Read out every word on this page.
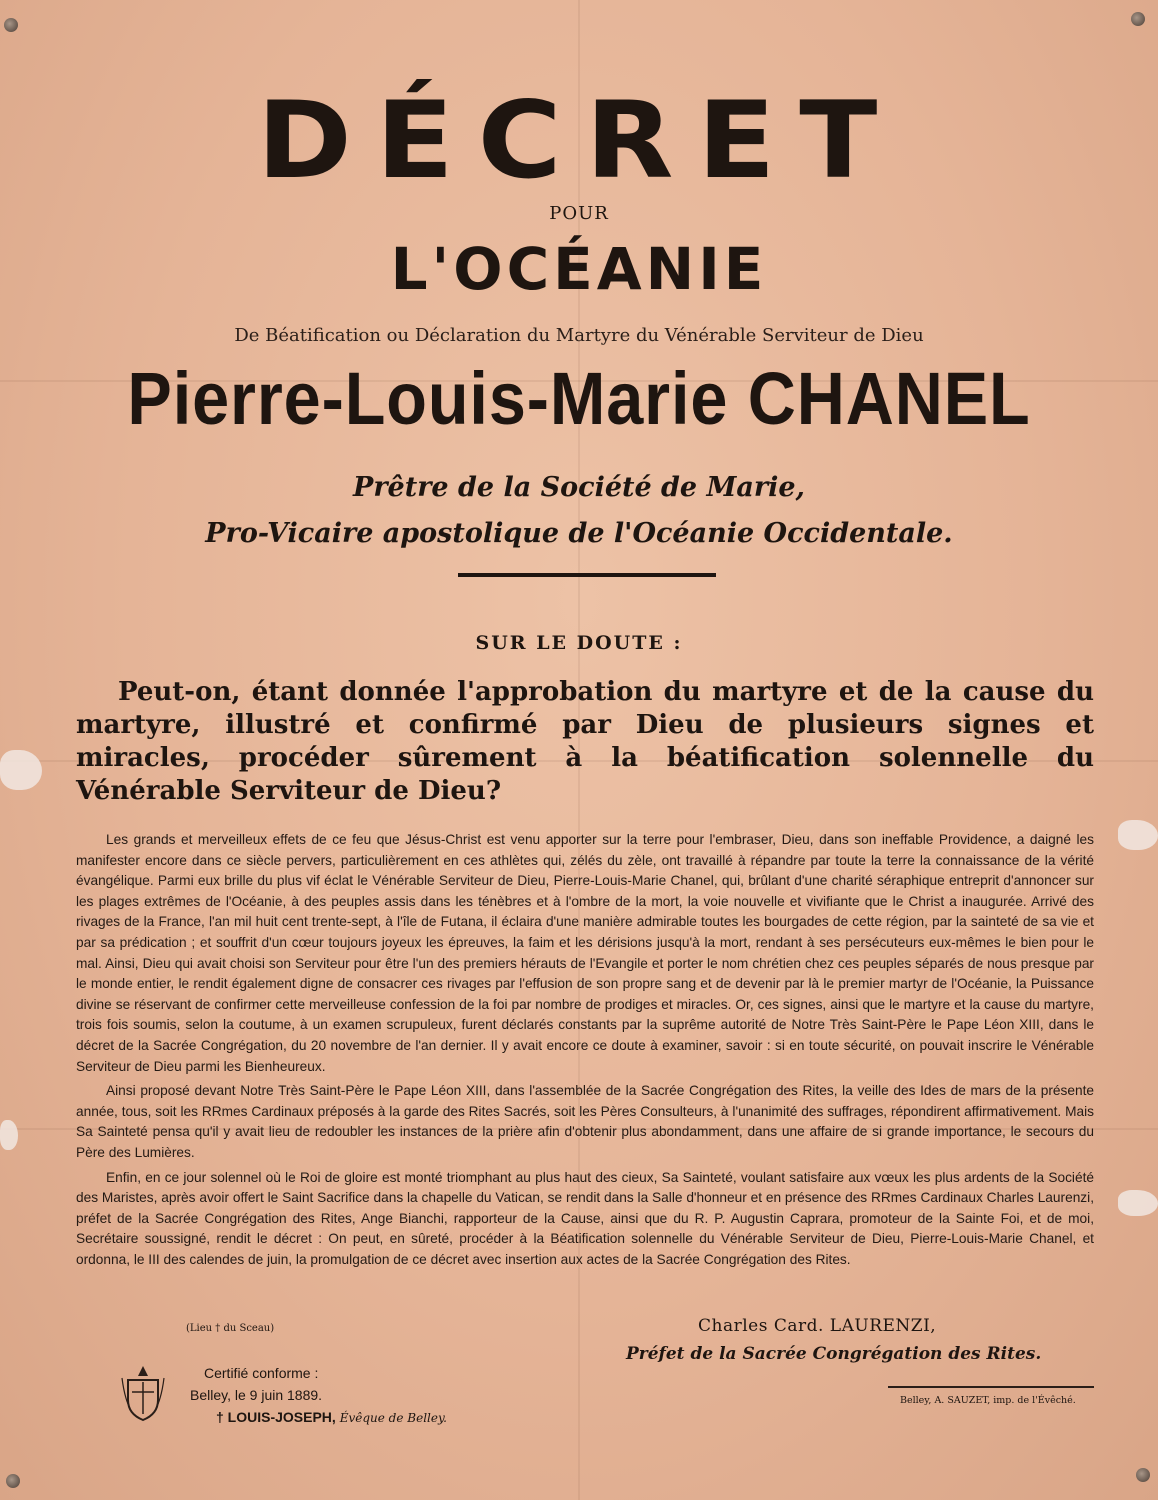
DÉCRET
POUR
L'OCÉANIE
De Béatification ou Déclaration du Martyre du Vénérable Serviteur de Dieu
Pierre-Louis-Marie CHANEL
Prêtre de la Société de Marie,
Pro-Vicaire apostolique de l'Océanie Occidentale.
SUR LE DOUTE :
Peut-on, étant donnée l'approbation du martyre et de la cause du martyre, illustré et confirmé par Dieu de plusieurs signes et miracles, procéder sûrement à la béatification solennelle du Vénérable Serviteur de Dieu?

Les grands et merveilleux effets de ce feu que Jésus-Christ est venu apporter sur la terre pour l'embraser, Dieu, dans son ineffable Providence, a daigné les manifester encore dans ce siècle pervers, particulièrement en ces athlètes qui, zélés du zèle, ont travaillé à répandre par toute la terre la connaissance de la vérité évangélique. Parmi eux brille du plus vif éclat le Vénérable Serviteur de Dieu, Pierre-Louis-Marie Chanel, qui, brûlant d'une charité séraphique entreprit d'annoncer sur les plages extrêmes de l'Océanie, à des peuples assis dans les ténèbres et à l'ombre de la mort, la voie nouvelle et vivifiante que le Christ a inaugurée. Arrivé des rivages de la France, l'an mil huit cent trente-sept, à l'île de Futana, il éclaira d'une manière admirable toutes les bourgades de cette région, par la sainteté de sa vie et par sa prédication ; et souffrit d'un cœur toujours joyeux les épreuves, la faim et les dérisions jusqu'à la mort, rendant à ses persécuteurs eux-mêmes le bien pour le mal. Ainsi, Dieu qui avait choisi son Serviteur pour être l'un des premiers hérauts de l'Evangile et porter le nom chrétien chez ces peuples séparés de nous presque par le monde entier, le rendit également digne de consacrer ces rivages par l'effusion de son propre sang et de devenir par là le premier martyr de l'Océanie, la Puissance divine se réservant de confirmer cette merveilleuse confession de la foi par nombre de prodiges et miracles. Or, ces signes, ainsi que le martyre et la cause du martyre, trois fois soumis, selon la coutume, à un examen scrupuleux, furent déclarés constants par la suprême autorité de Notre Très Saint-Père le Pape Léon XIII, dans le décret de la Sacrée Congrégation, du 20 novembre de l'an dernier. Il y avait encore ce doute à examiner, savoir : si en toute sécurité, on pouvait inscrire le Vénérable Serviteur de Dieu parmi les Bienheureux.

Ainsi proposé devant Notre Très Saint-Père le Pape Léon XIII, dans l'assemblée de la Sacrée Congrégation des Rites, la veille des Ides de mars de la présente année, tous, soit les RRmes Cardinaux préposés à la garde des Rites Sacrés, soit les Pères Consulteurs, à l'unanimité des suffrages, répondirent affirmativement. Mais Sa Sainteté pensa qu'il y avait lieu de redoubler les instances de la prière afin d'obtenir plus abondamment, dans une affaire de si grande importance, le secours du Père des Lumières.

Enfin, en ce jour solennel où le Roi de gloire est monté triomphant au plus haut des cieux, Sa Sainteté, voulant satisfaire aux vœux les plus ardents de la Société des Maristes, après avoir offert le Saint Sacrifice dans la chapelle du Vatican, se rendit dans la Salle d'honneur et en présence des RRmes Cardinaux Charles Laurenzi, préfet de la Sacrée Congrégation des Rites, Ange Bianchi, rapporteur de la Cause, ainsi que du R. P. Augustin Caprara, promoteur de la Sainte Foi, et de moi, Secrétaire soussigné, rendit le décret : On peut, en sûreté, procéder à la Béatification solennelle du Vénérable Serviteur de Dieu, Pierre-Louis-Marie Chanel, et ordonna, le III des calendes de juin, la promulgation de ce décret avec insertion aux actes de la Sacrée Congrégation des Rites.

(Lieu † du Sceau)
Certifié conforme :
Belley, le 9 juin 1889.
† LOUIS-JOSEPH, Évêque de Belley.
Charles Card. LAURENZI,
Préfet de la Sacrée Congrégation des Rites.
Belley, A. SAUZET, imp. de l'Évêché.
